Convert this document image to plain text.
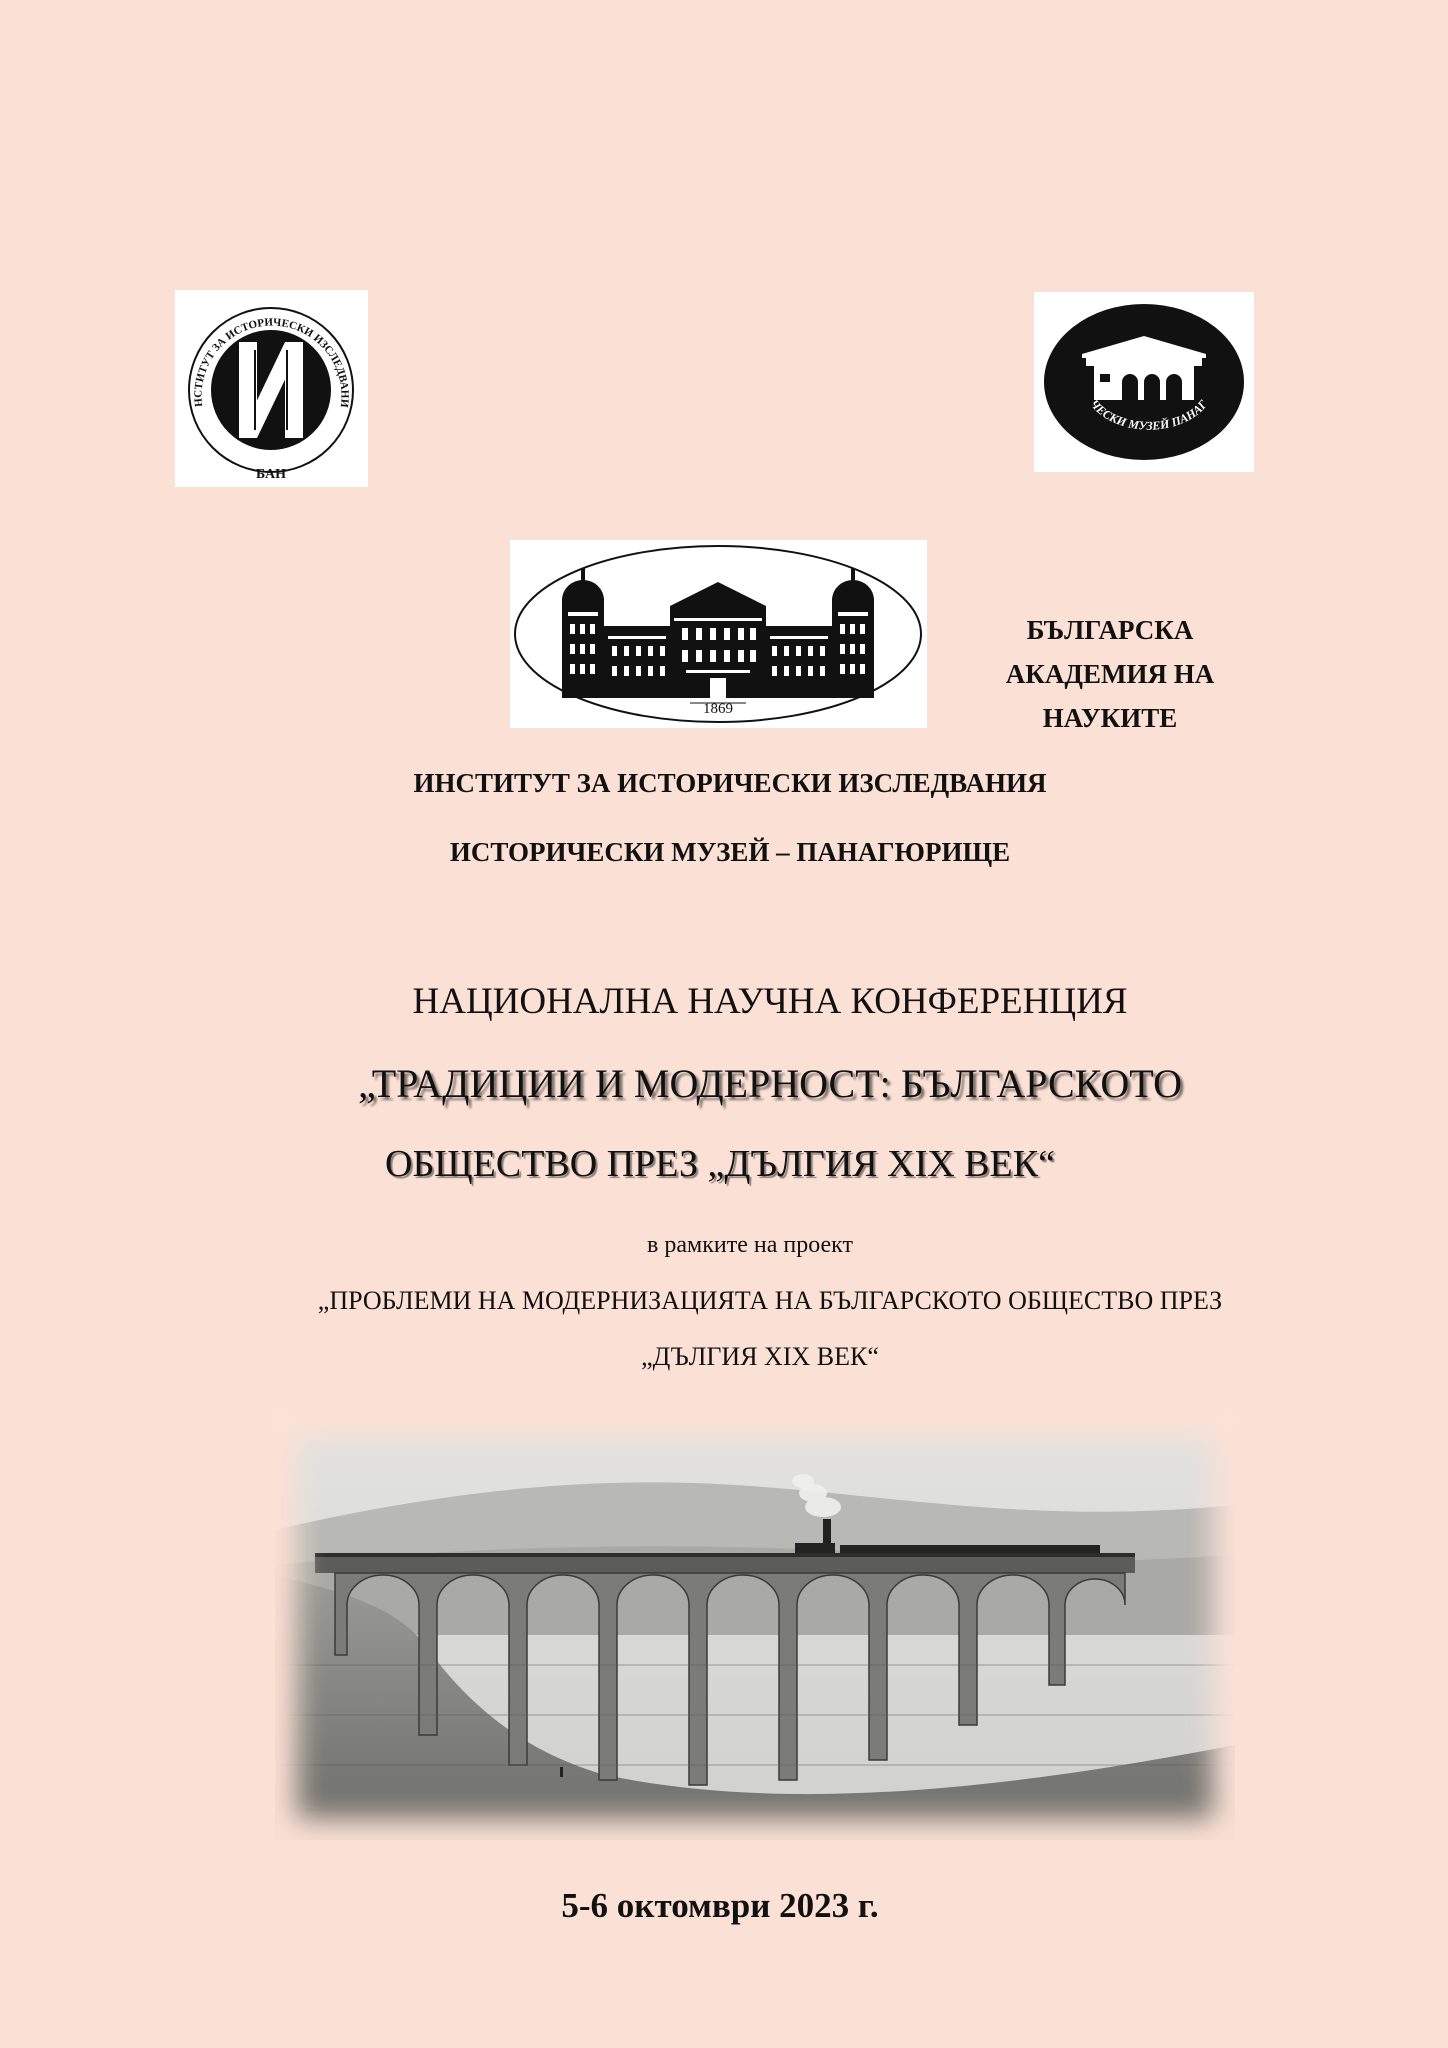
НСТИТУТ ЗА ИСТОРИЧЕСКИ ИЗСЛЕДВАНИ
БАН
ЧЕСКИ МУЗЕЙ ПАНАГ
1869
БЪЛГАРСКА
АКАДЕМИЯ НА
НАУКИТЕ
ИНСТИТУТ ЗА ИСТОРИЧЕСКИ ИЗСЛЕДВАНИЯ
ИСТОРИЧЕСКИ МУЗЕЙ – ПАНАГЮРИЩЕ
НАЦИОНАЛНА НАУЧНА КОНФЕРЕНЦИЯ
„ТРАДИЦИИ И МОДЕРНОСТ: БЪЛГАРСКОТО
ОБЩЕСТВО ПРЕЗ „ДЪЛГИЯ XIX ВЕК“
в рамките на проект
„ПРОБЛЕМИ НА МОДЕРНИЗАЦИЯТА НА БЪЛГАРСКОТО ОБЩЕСТВО ПРЕЗ
„ДЪЛГИЯ XIX ВЕК“
5-6 октомври 2023 г.
